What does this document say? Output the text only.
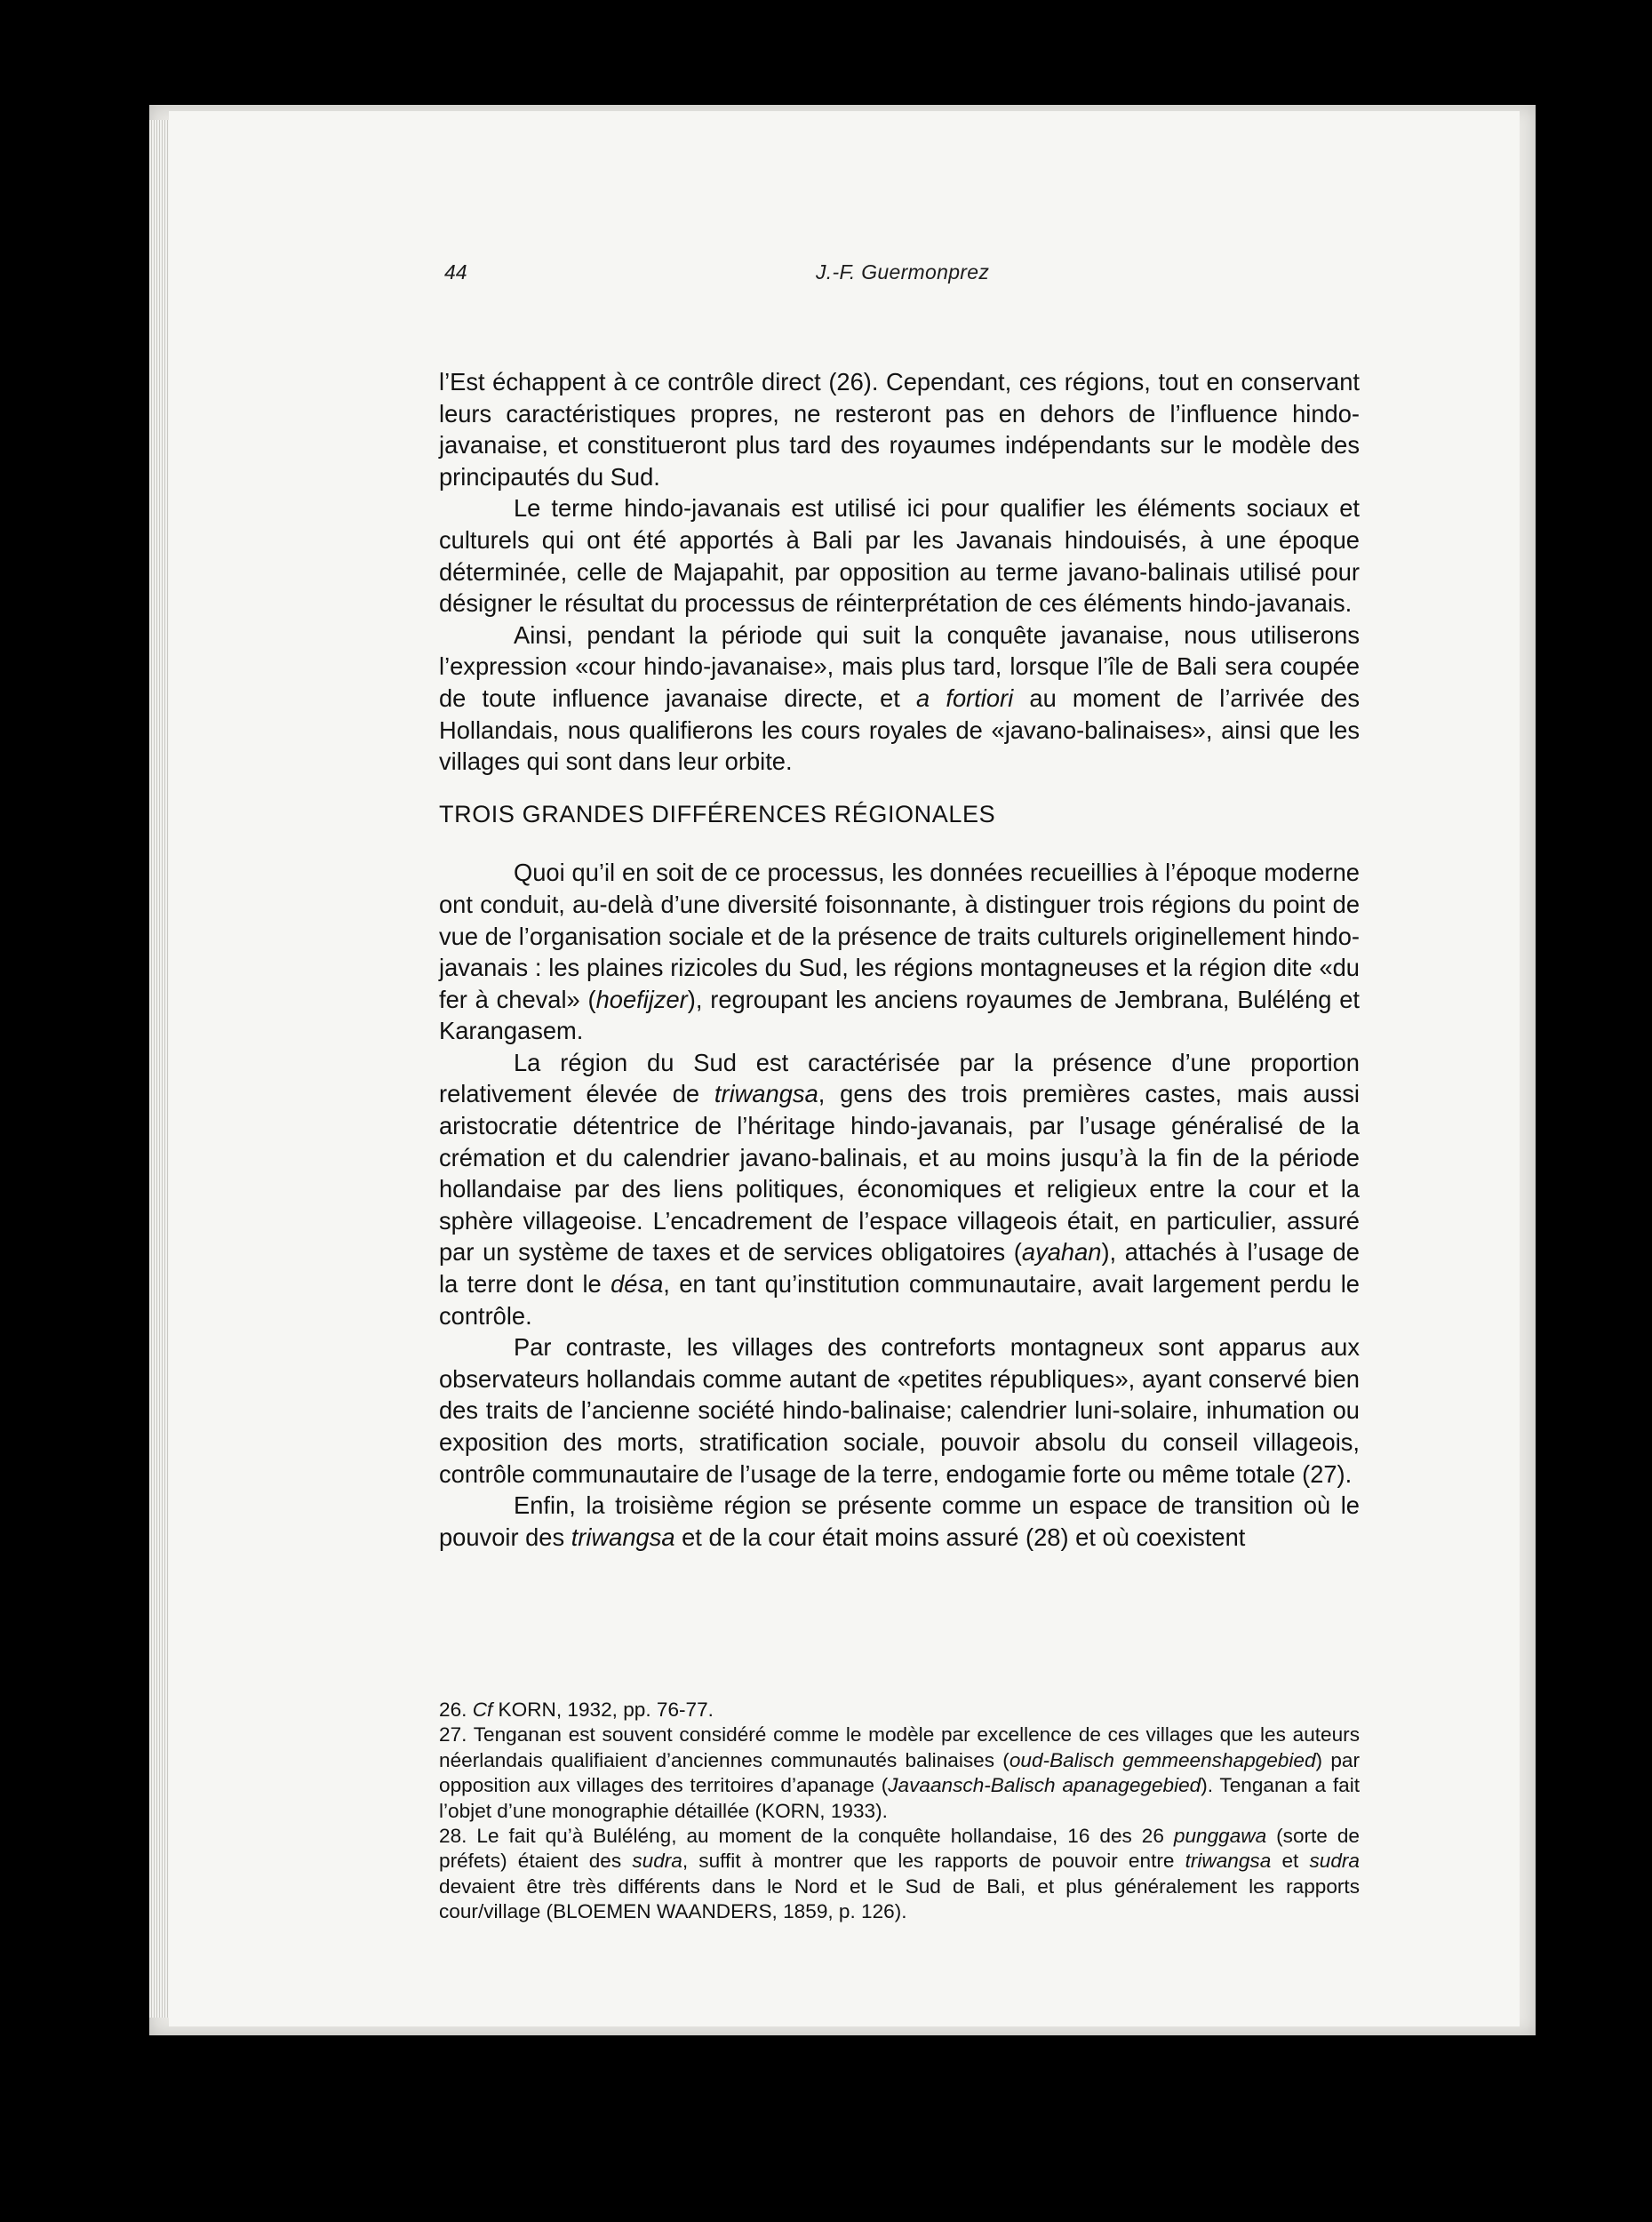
44	J.-F. Guermonprez

l’Est échappent à ce contrôle direct (26). Cependant, ces régions, tout en conservant leurs caractéristiques propres, ne resteront pas en dehors de l’influence hindo-javanaise, et constitueront plus tard des royaumes indépendants sur le modèle des principautés du Sud.

Le terme hindo-javanais est utilisé ici pour qualifier les éléments sociaux et culturels qui ont été apportés à Bali par les Javanais hindouisés, à une époque déterminée, celle de Majapahit, par opposition au terme javano-balinais utilisé pour désigner le résultat du processus de réinterprétation de ces éléments hindo-javanais.

Ainsi, pendant la période qui suit la conquête javanaise, nous utiliserons l’expression «cour hindo-javanaise», mais plus tard, lorsque l’île de Bali sera coupée de toute influence javanaise directe, et a fortiori au moment de l’arrivée des Hollandais, nous qualifierons les cours royales de «javano-balinaises», ainsi que les villages qui sont dans leur orbite.

TROIS GRANDES DIFFÉRENCES RÉGIONALES

Quoi qu’il en soit de ce processus, les données recueillies à l’époque moderne ont conduit, au-delà d’une diversité foisonnante, à distinguer trois régions du point de vue de l’organisation sociale et de la présence de traits culturels originellement hindo-javanais : les plaines rizicoles du Sud, les régions montagneuses et la région dite «du fer à cheval» (hoefijzer), regroupant les anciens royaumes de Jembrana, Buléléng et Karangasem.

La région du Sud est caractérisée par la présence d’une proportion relativement élevée de triwangsa, gens des trois premières castes, mais aussi aristocratie détentrice de l’héritage hindo-javanais, par l’usage généralisé de la crémation et du calendrier javano-balinais, et au moins jusqu’à la fin de la période hollandaise par des liens politiques, économiques et religieux entre la cour et la sphère villageoise. L’encadrement de l’espace villageois était, en particulier, assuré par un système de taxes et de services obligatoires (ayahan), attachés à l’usage de la terre dont le désa, en tant qu’institution communautaire, avait largement perdu le contrôle.

Par contraste, les villages des contreforts montagneux sont apparus aux observateurs hollandais comme autant de «petites républiques», ayant conservé bien des traits de l’ancienne société hindo-balinaise; calendrier luni-solaire, inhumation ou exposition des morts, stratification sociale, pouvoir absolu du conseil villageois, contrôle communautaire de l’usage de la terre, endogamie forte ou même totale (27).

Enfin, la troisième région se présente comme un espace de transition où le pouvoir des triwangsa et de la cour était moins assuré (28) et où coexistent

26. Cf KORN, 1932, pp. 76-77.

27. Tenganan est souvent considéré comme le modèle par excellence de ces villages que les auteurs néerlandais qualifiaient d’anciennes communautés balinaises (oud-Balisch gemmeenshapgebied) par opposition aux villages des territoires d’apanage (Javaansch-Balisch apanagegebied). Tenganan a fait l’objet d’une monographie détaillée (KORN, 1933).

28. Le fait qu’à Buléléng, au moment de la conquête hollandaise, 16 des 26 punggawa (sorte de préfets) étaient des sudra, suffit à montrer que les rapports de pouvoir entre triwangsa et sudra devaient être très différents dans le Nord et le Sud de Bali, et plus généralement les rapports cour/village (BLOEMEN WAANDERS, 1859, p. 126).
